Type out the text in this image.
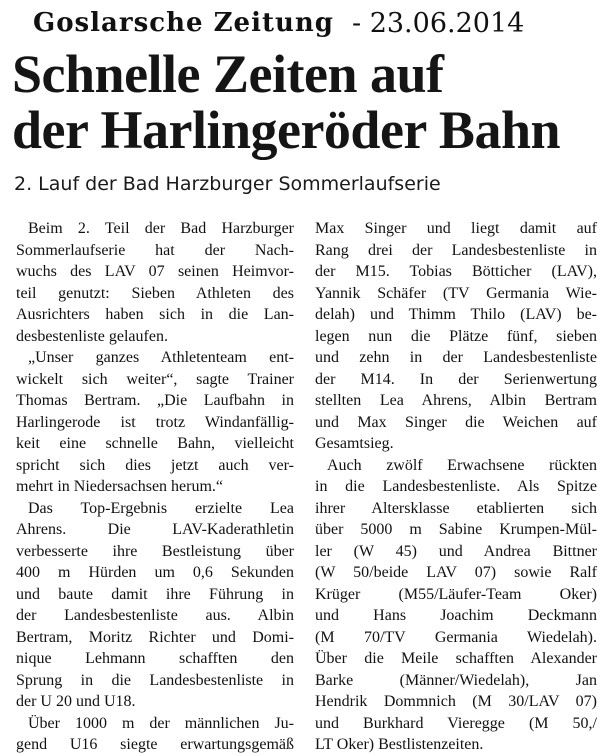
Goslarsche Zeitung - 23.06.2014
Schnelle Zeiten auf
der Harlingeröder Bahn
2. Lauf der Bad Harzburger Sommerlaufserie
Beim 2. Teil der Bad Harzburger
Sommerlaufserie hat der Nach-
wuchs des LAV 07 seinen Heimvor-
teil genutzt: Sieben Athleten des
Ausrichters haben sich in die Lan-
desbestenliste gelaufen.
„Unser ganzes Athletenteam ent-
wickelt sich weiter“, sagte Trainer
Thomas Bertram. „Die Laufbahn in
Harlingerode ist trotz Windanfällig-
keit eine schnelle Bahn, vielleicht
spricht sich dies jetzt auch ver-
mehrt in Niedersachsen herum.“
Das Top-Ergebnis erzielte Lea
Ahrens. Die LAV-Kaderathletin
verbesserte ihre Bestleistung über
400 m Hürden um 0,6 Sekunden
und baute damit ihre Führung in
der Landesbestenliste aus. Albin
Bertram, Moritz Richter und Domi-
nique Lehmann schafften den
Sprung in die Landesbestenliste in
der U 20 und U18.
Über 1000 m der männlichen Ju-
gend U16 siegte erwartungsgemäß
Max Singer und liegt damit auf
Rang drei der Landesbestenliste in
der M15. Tobias Bötticher (LAV),
Yannik Schäfer (TV Germania Wie-
delah) und Thimm Thilo (LAV) be-
legen nun die Plätze fünf, sieben
und zehn in der Landesbestenliste
der M14. In der Serienwertung
stellten Lea Ahrens, Albin Bertram
und Max Singer die Weichen auf
Gesamtsieg.
Auch zwölf Erwachsene rückten
in die Landesbestenliste. Als Spitze
ihrer Altersklasse etablierten sich
über 5000 m Sabine Krumpen-Mül-
ler (W 45) und Andrea Bittner
(W 50/beide LAV 07) sowie Ralf
Krüger (M55/Läufer-Team Oker)
und Hans Joachim Deckmann
(M 70/TV Germania Wiedelah).
Über die Meile schafften Alexander
Barke (Männer/Wiedelah), Jan
Hendrik Dommnich (M 30/LAV 07)
und Burkhard Vieregge (M 50,/
LT Oker) Bestlistenzeiten.
